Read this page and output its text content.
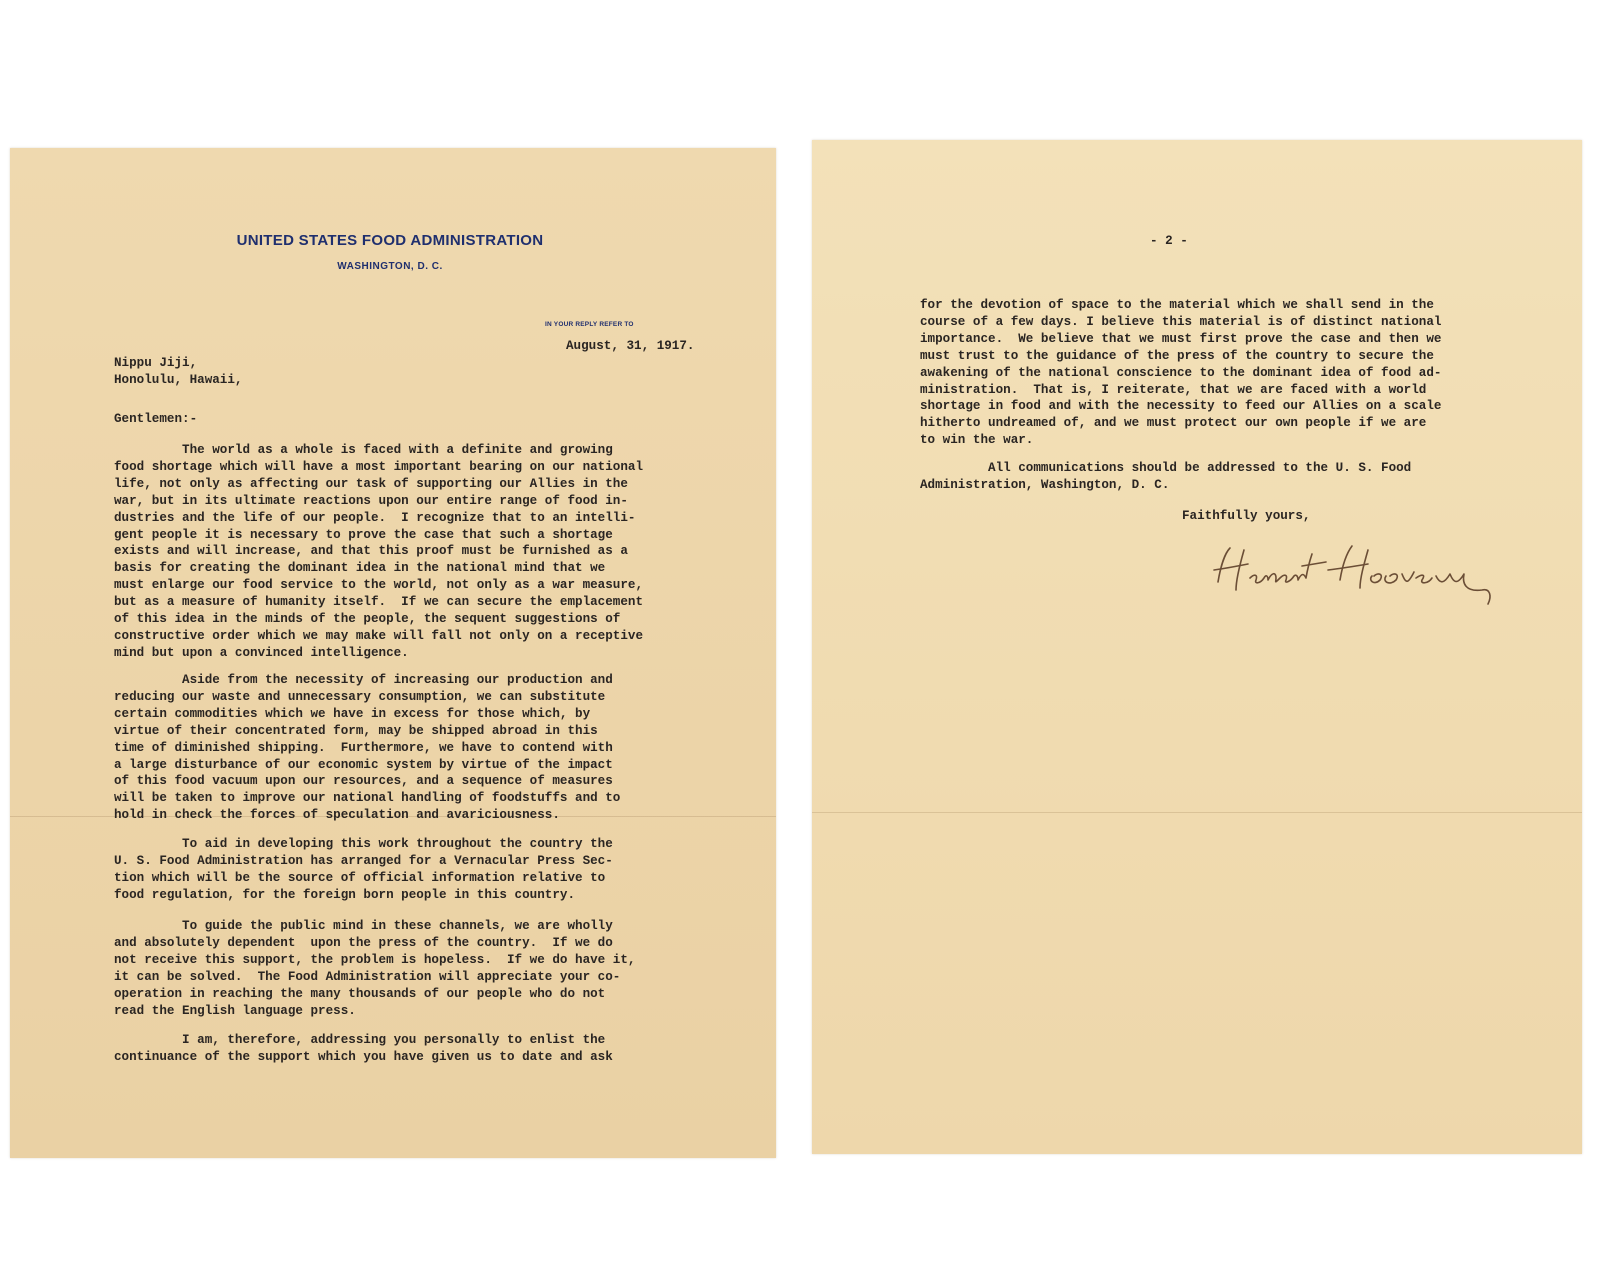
UNITED STATES FOOD ADMINISTRATION
WASHINGTON, D. C.
IN YOUR REPLY REFER TO

August, 31, 1917.

Nippu Jiji,
Honolulu, Hawaii,

Gentlemen:-

The world as a whole is faced with a definite and growing
food shortage which will have a most important bearing on our national
life, not only as affecting our task of supporting our Allies in the
war, but in its ultimate reactions upon our entire range of food in-
dustries and the life of our people.  I recognize that to an intelli-
gent people it is necessary to prove the case that such a shortage
exists and will increase, and that this proof must be furnished as a
basis for creating the dominant idea in the national mind that we
must enlarge our food service to the world, not only as a war measure,
but as a measure of humanity itself.  If we can secure the emplacement
of this idea in the minds of the people, the sequent suggestions of
constructive order which we may make will fall not only on a receptive
mind but upon a convinced intelligence.

Aside from the necessity of increasing our production and
reducing our waste and unnecessary consumption, we can substitute
certain commodities which we have in excess for those which, by
virtue of their concentrated form, may be shipped abroad in this
time of diminished shipping.  Furthermore, we have to contend with
a large disturbance of our economic system by virtue of the impact
of this food vacuum upon our resources, and a sequence of measures
will be taken to improve our national handling of foodstuffs and to
hold in check the forces of speculation and avariciousness.

To aid in developing this work throughout the country the
U. S. Food Administration has arranged for a Vernacular Press Sec-
tion which will be the source of official information relative to
food regulation, for the foreign born people in this country.

To guide the public mind in these channels, we are wholly
and absolutely dependent  upon the press of the country.  If we do
not receive this support, the problem is hopeless.  If we do have it,
it can be solved.  The Food Administration will appreciate your co-
operation in reaching the many thousands of our people who do not
read the English language press.

I am, therefore, addressing you personally to enlist the
continuance of the support which you have given us to date and ask

- 2 -

for the devotion of space to the material which we shall send in the
course of a few days. I believe this material is of distinct national
importance.  We believe that we must first prove the case and then we
must trust to the guidance of the press of the country to secure the
awakening of the national conscience to the dominant idea of food ad-
ministration.  That is, I reiterate, that we are faced with a world
shortage in food and with the necessity to feed our Allies on a scale
hitherto undreamed of, and we must protect our own people if we are
to win the war.

All communications should be addressed to the U. S. Food
Administration, Washington, D. C.

Faithfully yours,
